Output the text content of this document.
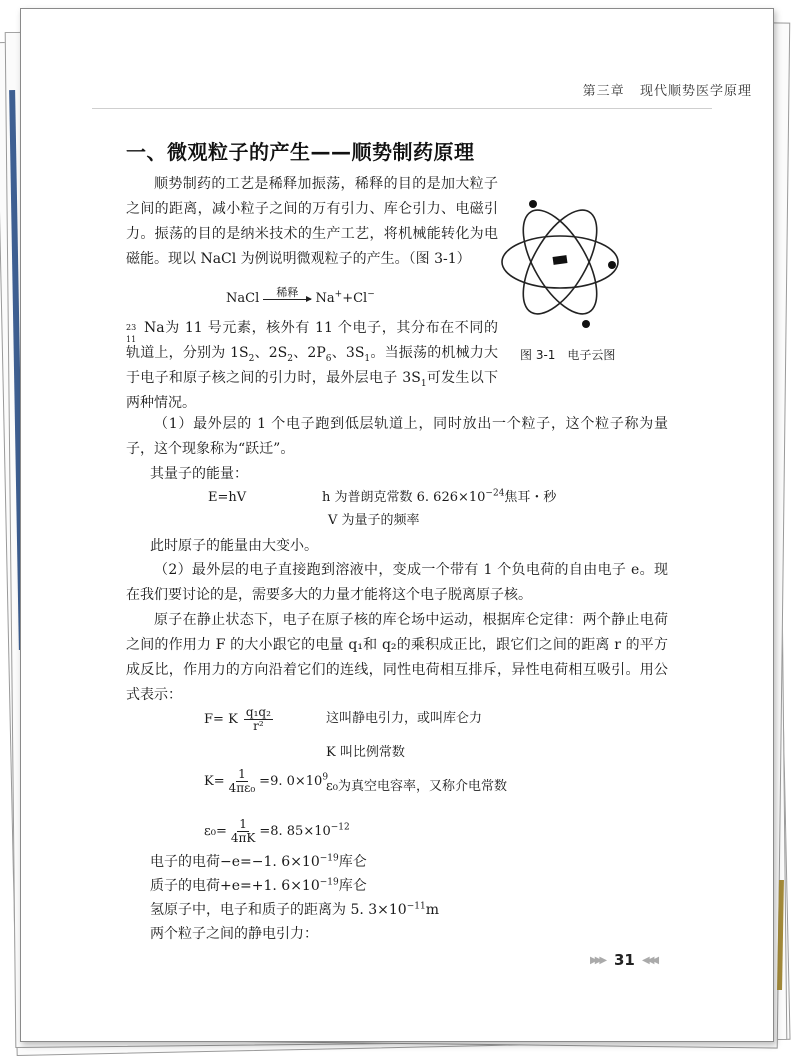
第三章 现代顺势医学原理
一、微观粒子的产生——顺势制药原理

顺势制药的工艺是稀释加振荡，稀释的目的是加大粒子之间的距离，减小粒子之间的万有引力、库仑引力、电磁引力。振荡的目的是纳米技术的生产工艺，将机械能转化为电磁能。现以 NaCl 为例说明微观粒子的产生。（图 3-1）

NaCl	稀释	Na++Cl−

23
11
Na为 11 号元素，核外有 11 个电子，其分布在不同的轨道上，分别为 $1S_2$、$2S_2$、$2P_6$、$3S_1$。当振荡的机械力大于电子和原子核之间的引力时，最外层电子 $3S_1$可发生以下两种情况。

图 3-1　电子云图

（1）最外层的 1 个电子跑到低层轨道上，同时放出一个粒子，这个粒子称为量子，这个现象称为“跃迁”。

其量子的能量：

E=hV	h 为普朗克常数 6. $626\times 10^{-24}$焦耳・秒
V 为量子的频率

此时原子的能量由大变小。

（2）最外层的电子直接跑到溶液中，变成一个带有 1 个负电荷的自由电子 e。现在我们要讨论的是，需要多大的力量才能将这个电子脱离原子核。

原子在静止状态下，电子在原子核的库仑场中运动，根据库仑定律：两个静止电荷之间的作用力 F 的大小跟它的电量 q₁和 q₂的乘积成正比，跟它们之间的距离 r 的平方成反比，作用力的方向沿着它们的连线，同性电荷相互排斥，异性电荷相互吸引。用公式表示：

F= K $\frac{\text{q₁q₂}}{\text{r²}}$	这叫静电引力，或叫库仑力
K 叫比例常数
$K= \frac{1}{\text{4πε₀}} =9$. $0\times 10^9$
ε₀为真空电容率，又称介电常数
$\varepsilon_0= \frac{1}{4\pi K} =8$. $85\times 10^{-12}$

电子的电荷−e=−1. $6\times 10^{-19}$库仑

质子的电荷+e=+1. $6\times 10^{-19}$库仑

氢原子中，电子和质子的距离为 5. $3\times 10^{-11}m$

两个粒子之间的静电引力：

▶▶▶ 31 ◀◀◀
